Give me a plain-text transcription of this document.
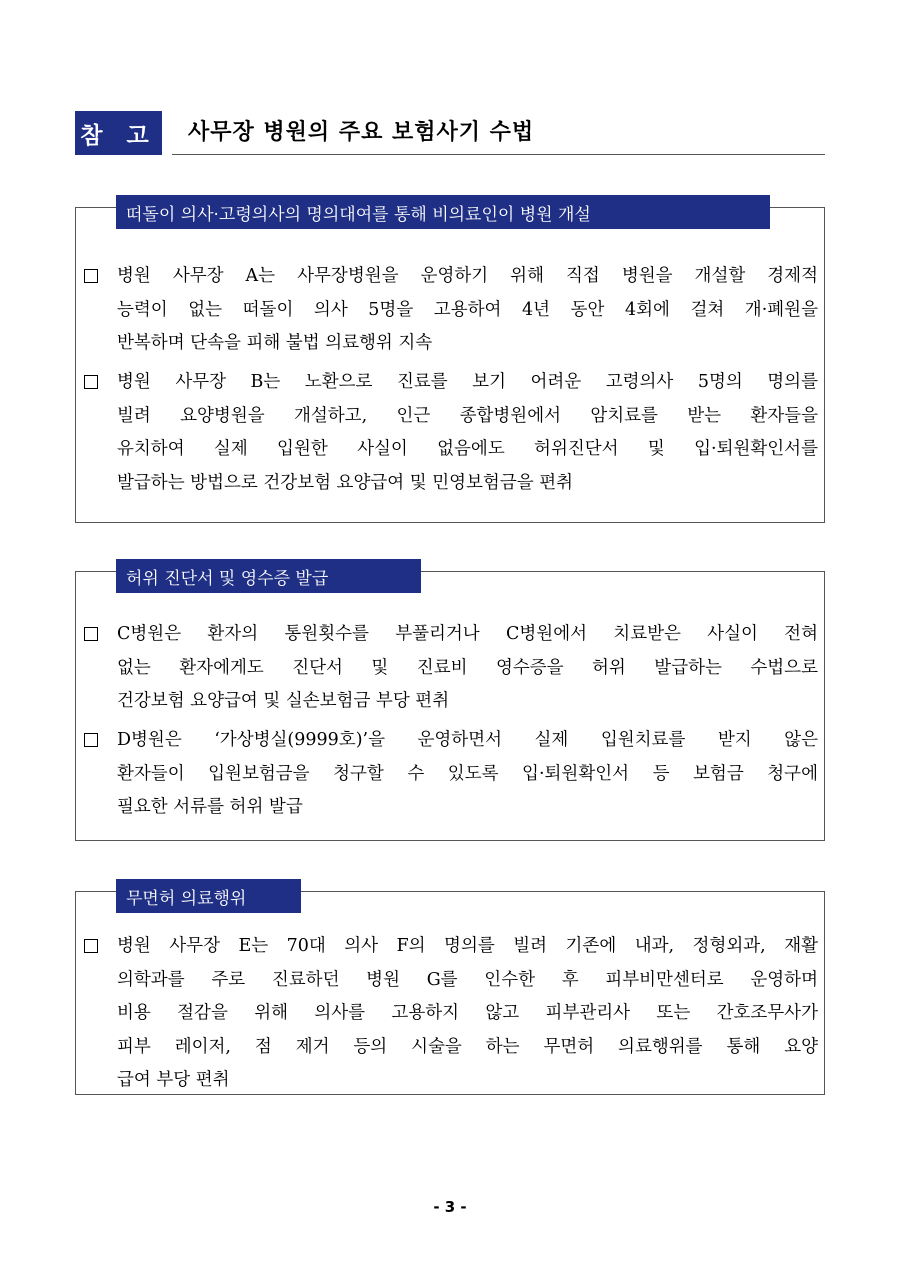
참 고 사무장 병원의 주요 보험사기 수법
떠돌이 의사·고령의사의 명의대여를 통해 비의료인이 병원 개설
병원 사무장 A는 사무장병원을 운영하기 위해 직접 병원을 개설할 경제적
능력이 없는 떠돌이 의사 5명을 고용하여 4년 동안 4회에 걸쳐 개·폐원을
반복하며 단속을 피해 불법 의료행위 지속
병원 사무장 B는 노환으로 진료를 보기 어려운 고령의사 5명의 명의를
빌려 요양병원을 개설하고, 인근 종합병원에서 암치료를 받는 환자들을
유치하여 실제 입원한 사실이 없음에도 허위진단서 및 입·퇴원확인서를
발급하는 방법으로 건강보험 요양급여 및 민영보험금을 편취
허위 진단서 및 영수증 발급
C병원은 환자의 통원횟수를 부풀리거나 C병원에서 치료받은 사실이 전혀
없는 환자에게도 진단서 및 진료비 영수증을 허위 발급하는 수법으로
건강보험 요양급여 및 실손보험금 부당 편취
D병원은 ‘가상병실(9999호)’을 운영하면서 실제 입원치료를 받지 않은
환자들이 입원보험금을 청구할 수 있도록 입·퇴원확인서 등 보험금 청구에
필요한 서류를 허위 발급
무면허 의료행위
병원 사무장 E는 70대 의사 F의 명의를 빌려 기존에 내과, 정형외과, 재활
의학과를 주로 진료하던 병원 G를 인수한 후 피부비만센터로 운영하며
비용 절감을 위해 의사를 고용하지 않고 피부관리사 또는 간호조무사가
피부 레이저, 점 제거 등의 시술을 하는 무면허 의료행위를 통해 요양
급여 부당 편취
- 3 -
